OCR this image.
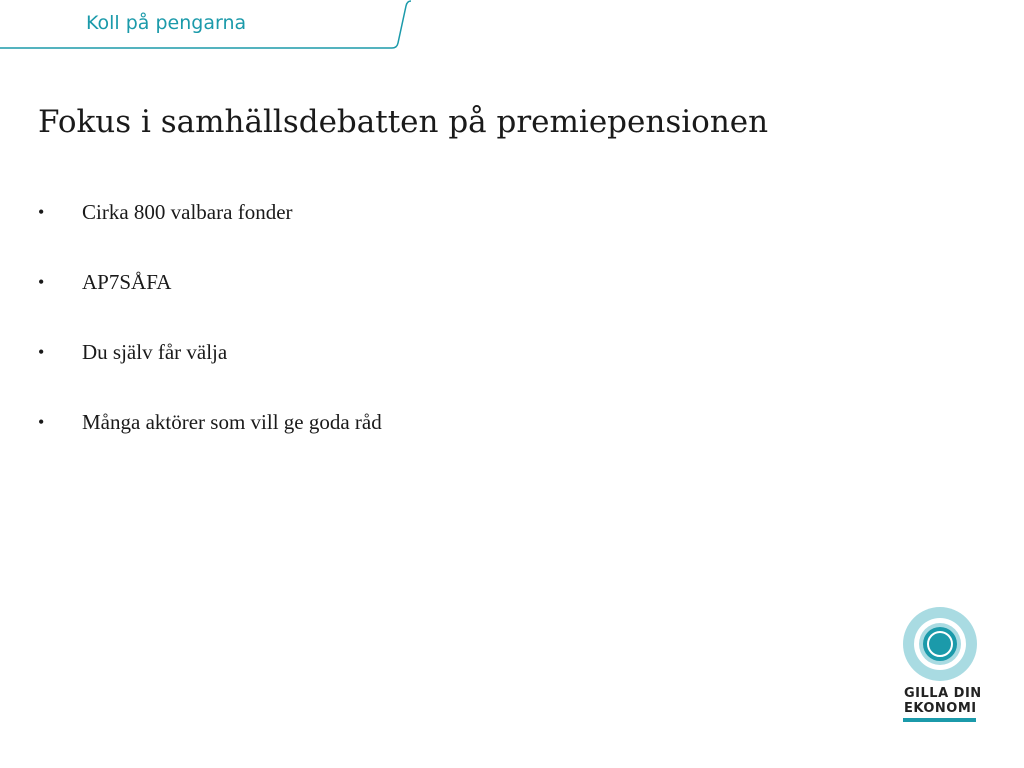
Koll på pengarna
Fokus i samhällsdebatten på premiepensionen
• Cirka 800 valbara fonder
• AP7SÅFA
• Du själv får välja
• Många aktörer som vill ge goda råd
GILLA DIN
EKONOMI
